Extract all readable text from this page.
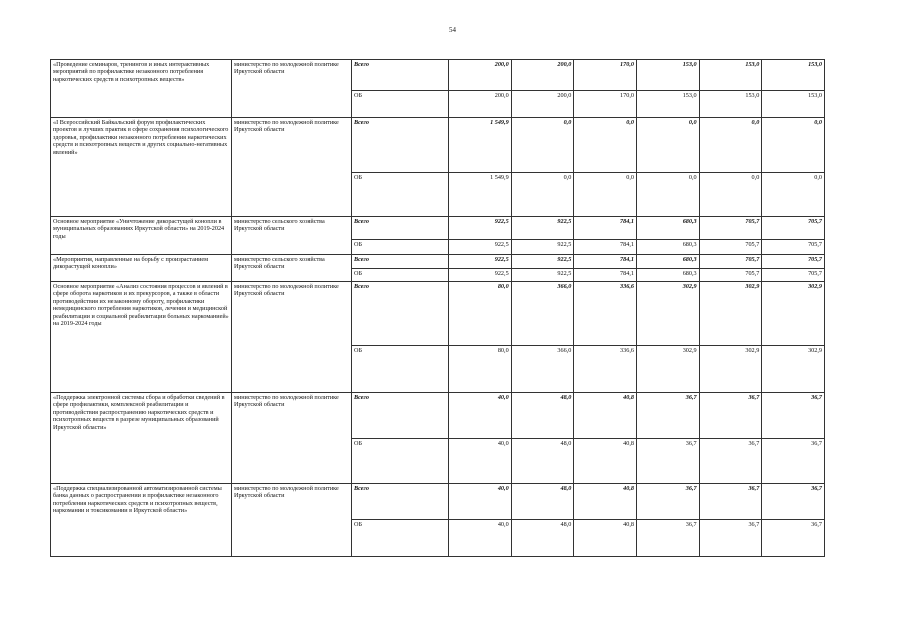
54
«Проведение семинаров, тренингов и иных интерактивных мероприятий по профилактике незаконного потребления наркотических средств и психотропных веществ»	министерство по молодежной политике Иркутской области	Всего	200,0	200,0	170,0	153,0	153,0	153,0
		ОБ	200,0	200,0	170,0	153,0	153,0	153,0
«I Всероссийский Байкальский форум профилактических проектов и лучших практик в сфере сохранения психологического здоровья, профилактики незаконного потребления наркотических средств и психотропных веществ и других социально-негативных явлений»	министерство по молодежной политике Иркутской области	Всего	1 549,9	0,0	0,0	0,0	0,0	0,0
		ОБ	1 549,9	0,0	0,0	0,0	0,0	0,0
Основное мероприятие «Уничтожение дикорастущей конопли в муниципальных образованиях Иркутской области» на 2019-2024 годы	министерство сельского хозяйства Иркутской области	Всего	922,5	922,5	784,1	680,3	705,7	705,7
		ОБ	922,5	922,5	784,1	680,3	705,7	705,7
«Мероприятия, направленные на борьбу с произрастанием дикорастущей конопли»	министерство сельского хозяйства Иркутской области	Всего	922,5	922,5	784,1	680,3	705,7	705,7
		ОБ	922,5	922,5	784,1	680,3	705,7	705,7
Основное мероприятие «Анализ состояния процессов и явлений в сфере оборота наркотиков и их прекурсоров, а также в области противодействия их незаконному обороту, профилактики немедицинского потребления наркотиков, лечения и медицинской реабилитации и социальной реабилитации больных наркоманией» на 2019-2024 годы	министерство по молодежной политике Иркутской области	Всего	80,0	366,0	336,6	302,9	302,9	302,9
		ОБ	80,0	366,0	336,6	302,9	302,9	302,9
«Поддержка электронной системы сбора и обработки сведений в сфере профилактики, комплексной реабилитации и противодействия распространению наркотических средств и психотропных веществ в разрезе муниципальных образований Иркутской области»	министерство по молодежной политике Иркутской области	Всего	40,0	48,0	40,8	36,7	36,7	36,7
		ОБ	40,0	48,0	40,8	36,7	36,7	36,7
«Поддержка специализированной автоматизированной системы банка данных о распространении и профилактике незаконного потребления наркотических средств и психотропных веществ, наркомании и токсикомании в Иркутской области»	министерство по молодежной политике Иркутской области	Всего	40,0	48,0	40,8	36,7	36,7	36,7
		ОБ	40,0	48,0	40,8	36,7	36,7	36,7
